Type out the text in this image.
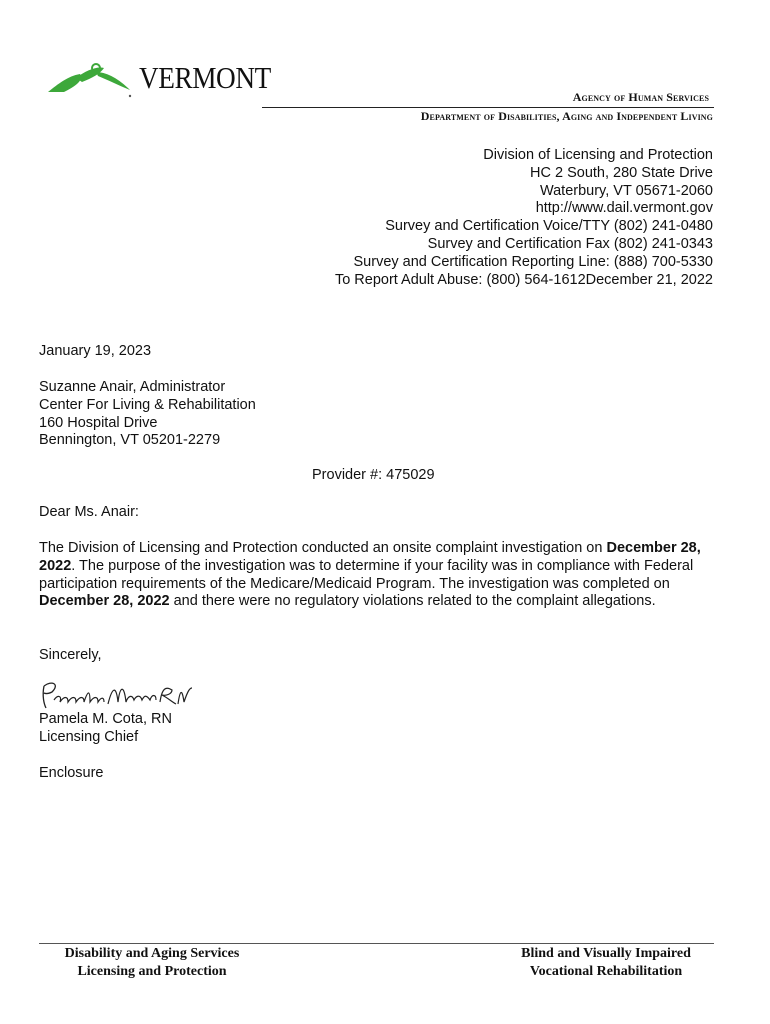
VERMONT
Agency of Human Services
Department of Disabilities, Aging and Independent Living
Division of Licensing and Protection
HC 2 South, 280 State Drive
Waterbury, VT 05671-2060
http://www.dail.vermont.gov
Survey and Certification Voice/TTY (802) 241-0480
Survey and Certification Fax (802) 241-0343
Survey and Certification Reporting Line: (888) 700-5330
To Report Adult Abuse: (800) 564-1612December 21, 2022
January 19, 2023
Suzanne Anair, Administrator
Center For Living & Rehabilitation
160 Hospital Drive
Bennington, VT 05201-2279
Provider #: 475029
Dear Ms. Anair:
The Division of Licensing and Protection conducted an onsite complaint investigation on December 28, 2022. The purpose of the investigation was to determine if your facility was in compliance with Federal participation requirements of the Medicare/Medicaid Program. The investigation was completed on December 28, 2022 and there were no regulatory violations related to the complaint allegations.
Sincerely,
Pamela M. Cota, RN
Licensing Chief
Enclosure
Disability and Aging Services
Licensing and Protection
Blind and Visually Impaired
Vocational Rehabilitation
